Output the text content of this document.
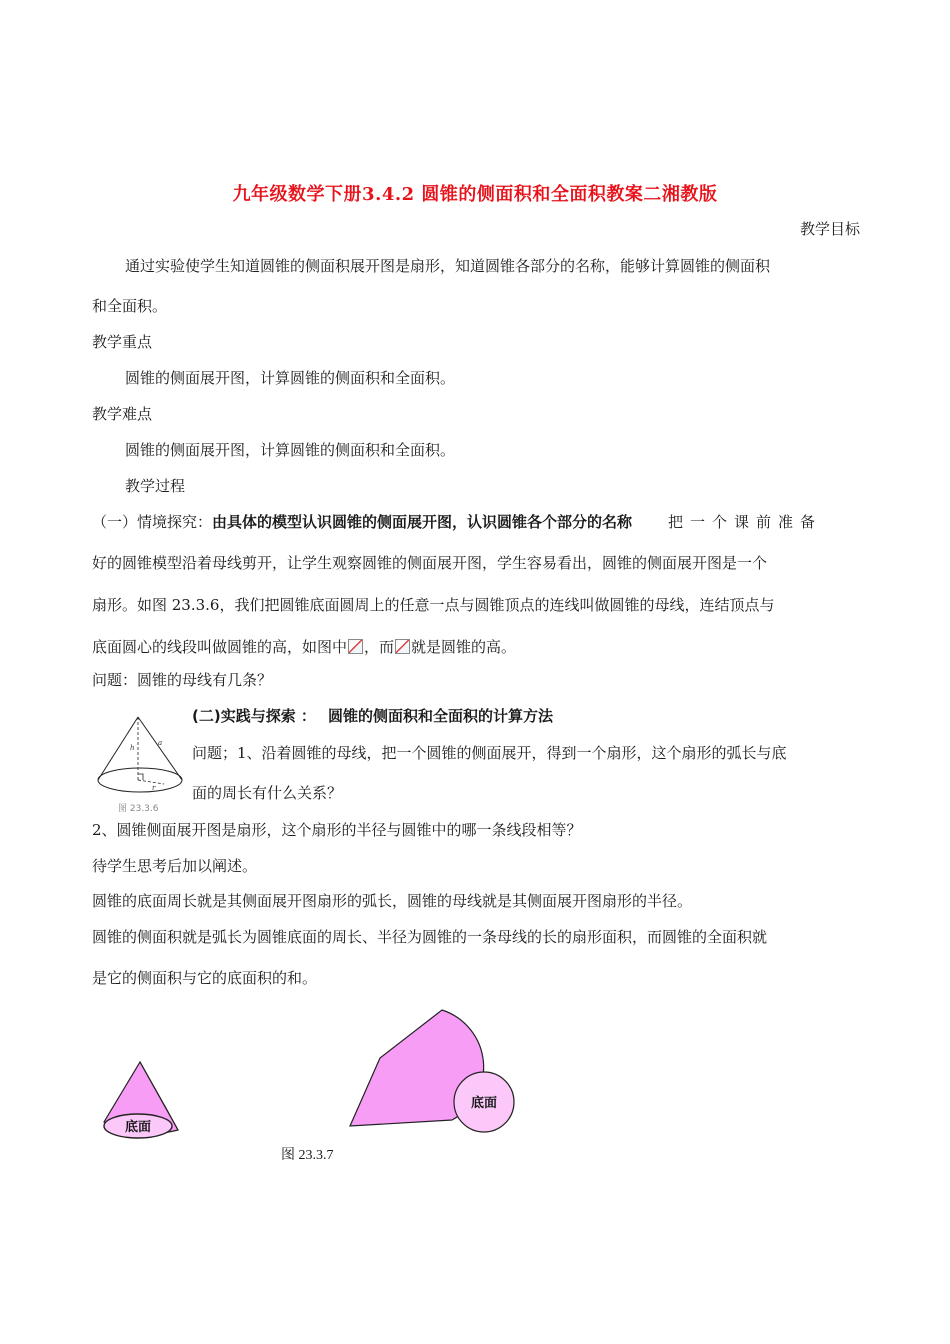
九年级数学下册3.4.2 圆锥的侧面积和全面积教案二湘教版
教学目标
通过实验使学生知道圆锥的侧面积展开图是扇形，知道圆锥各部分的名称，能够计算圆锥的侧面积
和全面积。
教学重点
圆锥的侧面展开图，计算圆锥的侧面积和全面积。
教学难点
圆锥的侧面展开图，计算圆锥的侧面积和全面积。
教学过程
（一）情境探究：由具体的模型认识圆锥的侧面展开图，认识圆锥各个部分的名称 把一个课前准备
好的圆锥模型沿着母线剪开，让学生观察圆锥的侧面展开图，学生容易看出，圆锥的侧面展开图是一个
扇形。如图 23.3.6，我们把圆锥底面圆周上的任意一点与圆锥顶点的连线叫做圆锥的母线，连结顶点与
底面圆心的线段叫做圆锥的高，如图中 ，而 就是圆锥的高。
问题：圆锥的母线有几条？
h
a
r
图 23.3.6
(二)实践与探索 ： 圆锥的侧面积和全面积的计算方法
问题；1、沿着圆锥的母线，把一个圆锥的侧面展开，得到一个扇形，这个扇形的弧长与底
面的周长有什么关系？
2、圆锥侧面展开图是扇形，这个扇形的半径与圆锥中的哪一条线段相等？
待学生思考后加以阐述。
圆锥的底面周长就是其侧面展开图扇形的弧长，圆锥的母线就是其侧面展开图扇形的半径。
圆锥的侧面积就是弧长为圆锥底面的周长、半径为圆锥的一条母线的长的扇形面积，而圆锥的全面积就
是它的侧面积与它的底面积的和。
底面
底面
图 23.3.7
